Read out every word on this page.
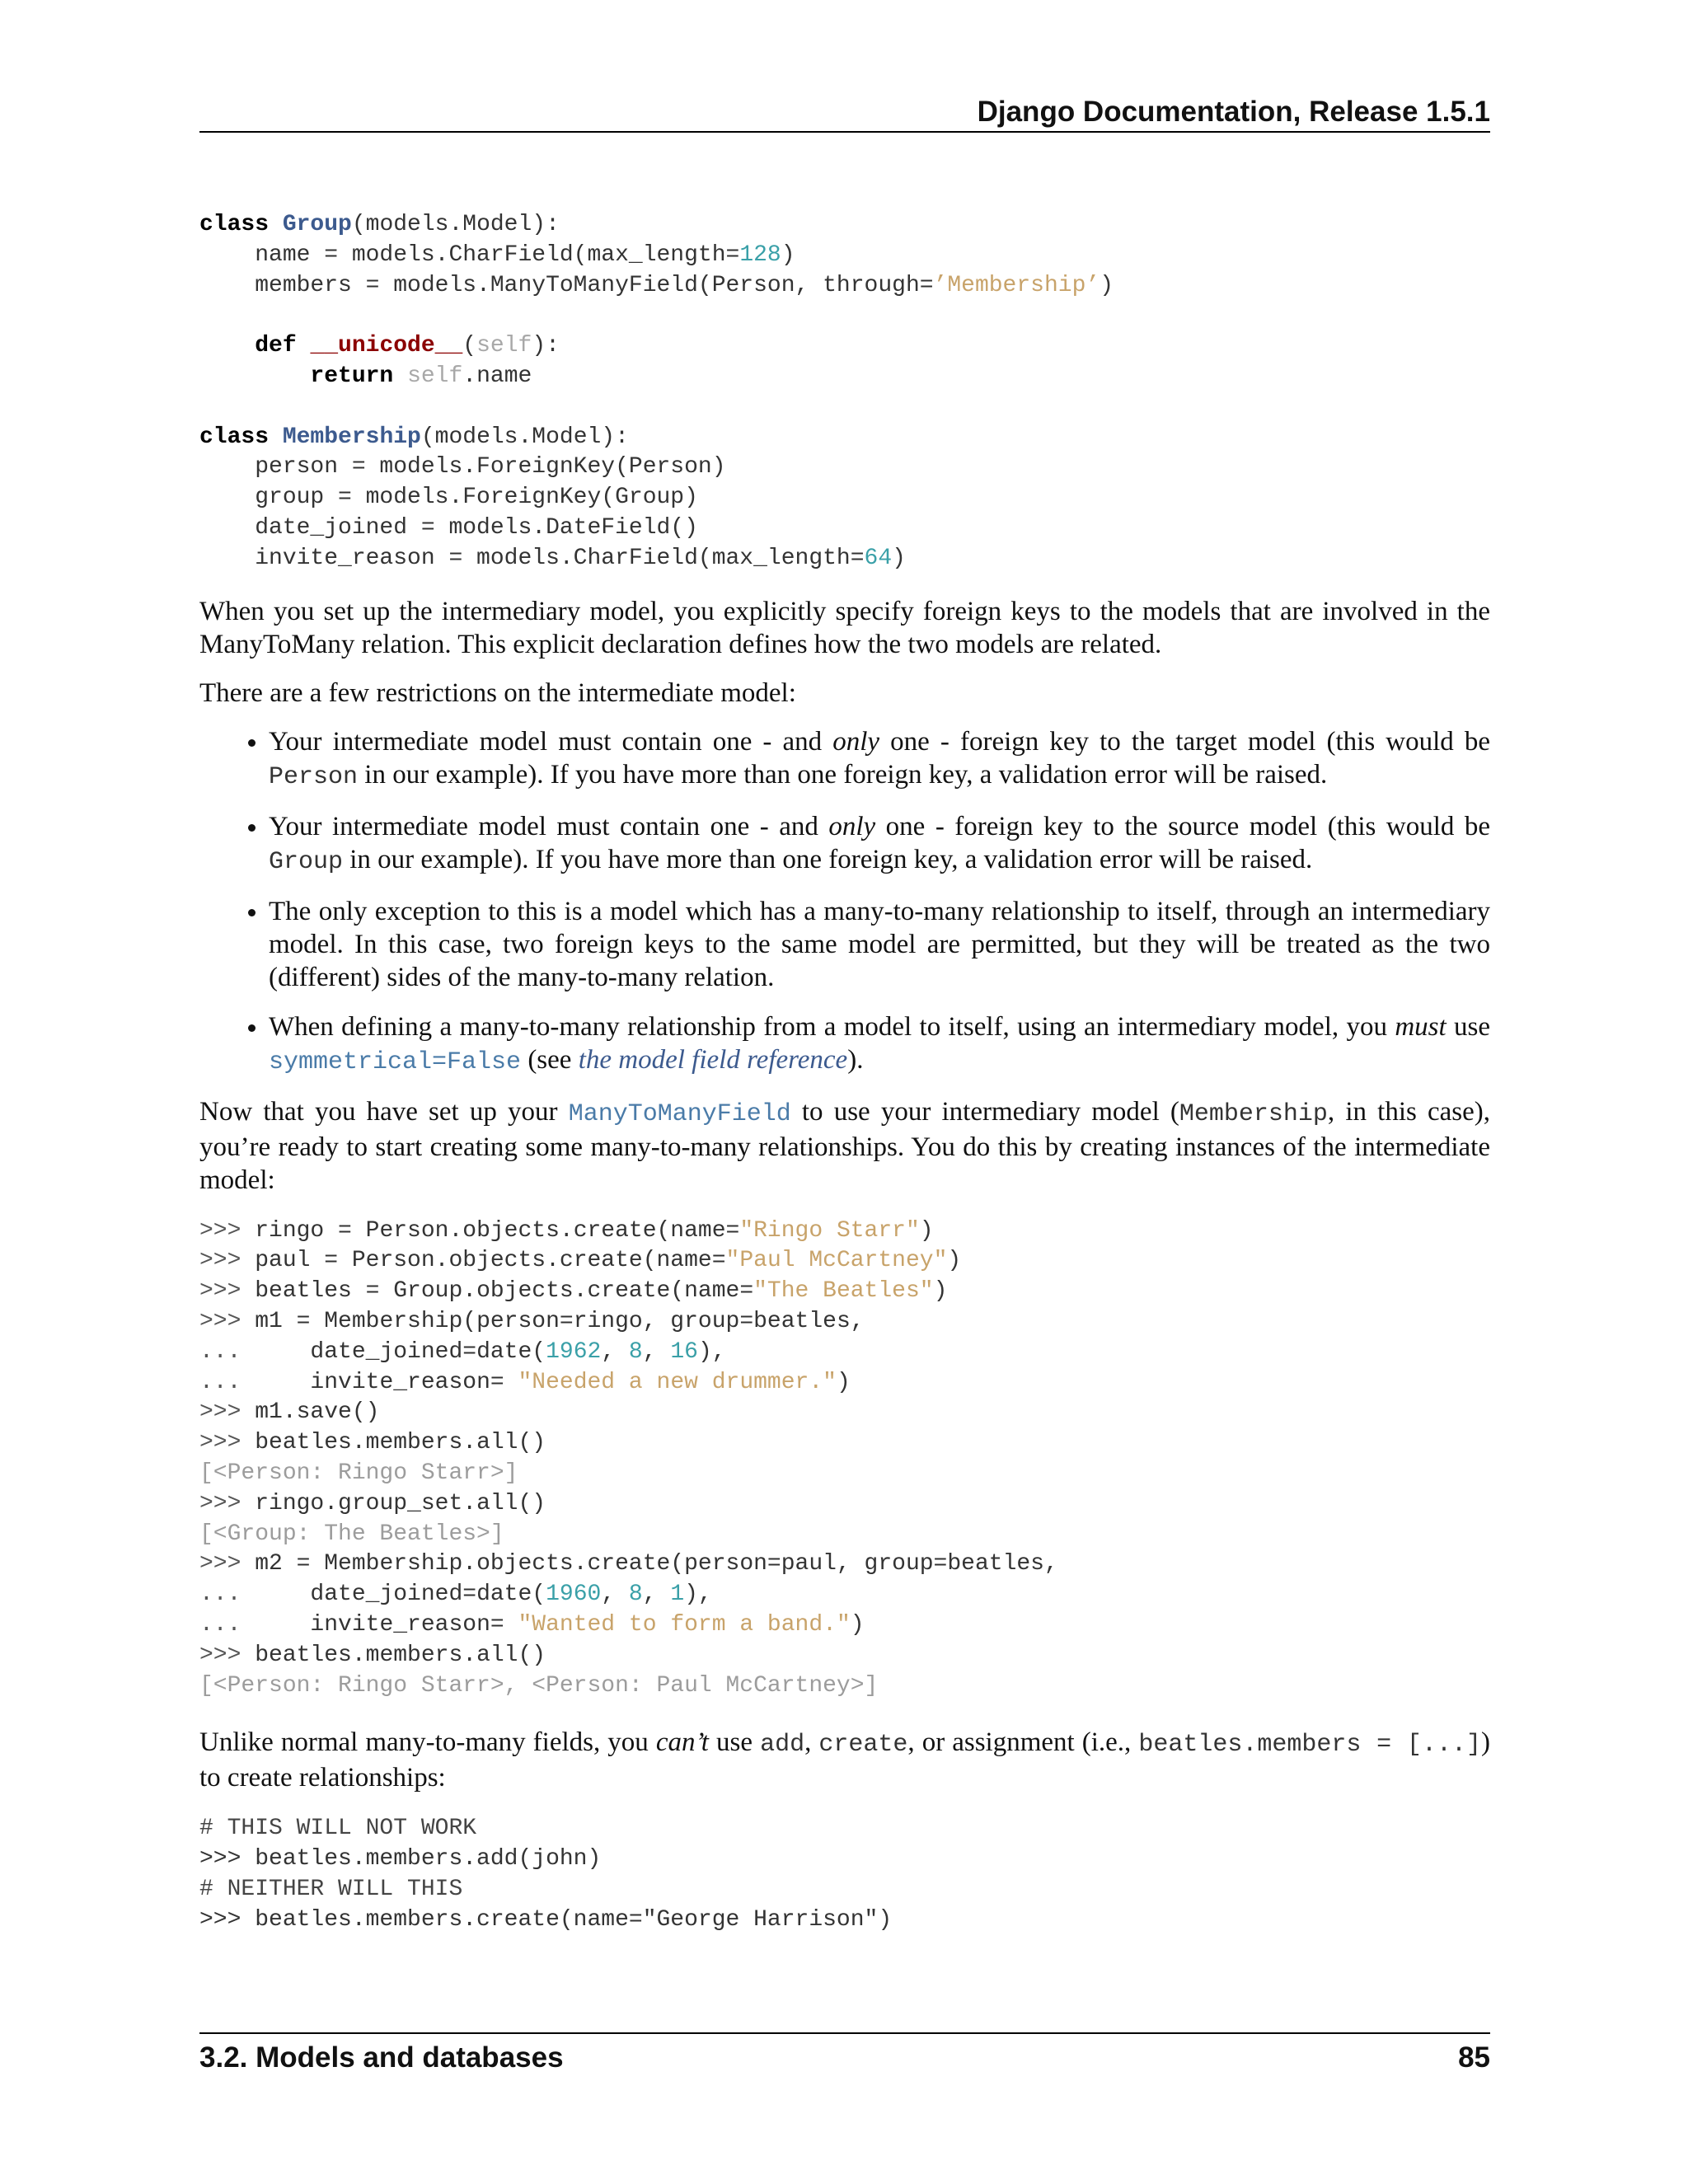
Django Documentation, Release 1.5.1
class Group(models.Model):
name = models.CharField(max_length=128)
members = models.ManyToManyField(Person, through=’Membership’)

def __unicode__(self):
return self.name

class Membership(models.Model):
person = models.ForeignKey(Person)
group = models.ForeignKey(Group)
date_joined = models.DateField()
invite_reason = models.CharField(max_length=64)

When you set up the intermediary model, you explicitly specify foreign keys to the models that are involved in the ManyToMany relation. This explicit declaration defines how the two models are related.

There are a few restrictions on the intermediate model:

• Your intermediate model must contain one - and only one - foreign key to the target model (this would be Person in our example). If you have more than one foreign key, a validation error will be raised.
• Your intermediate model must contain one - and only one - foreign key to the source model (this would be Group in our example). If you have more than one foreign key, a validation error will be raised.
• The only exception to this is a model which has a many-to-many relationship to itself, through an intermediary model. In this case, two foreign keys to the same model are permitted, but they will be treated as the two (different) sides of the many-to-many relation.
• When defining a many-to-many relationship from a model to itself, using an intermediary model, you must use symmetrical=False (see the model field reference).

Now that you have set up your ManyToManyField to use your intermediary model (Membership, in this case), you’re ready to start creating some many-to-many relationships. You do this by creating instances of the intermediate model:

>>> ringo = Person.objects.create(name="Ringo Starr")
>>> paul = Person.objects.create(name="Paul McCartney")
>>> beatles = Group.objects.create(name="The Beatles")
>>> m1 = Membership(person=ringo, group=beatles,
...     date_joined=date(1962, 8, 16),
...     invite_reason= "Needed a new drummer.")
>>> m1.save()
>>> beatles.members.all()
[<Person: Ringo Starr>]
>>> ringo.group_set.all()
[<Group: The Beatles>]
>>> m2 = Membership.objects.create(person=paul, group=beatles,
...     date_joined=date(1960, 8, 1),
...     invite_reason= "Wanted to form a band.")
>>> beatles.members.all()
[<Person: Ringo Starr>, <Person: Paul McCartney>]

Unlike normal many-to-many fields, you can’t use add, create, or assignment (i.e., beatles.members = [...]) to create relationships:

# THIS WILL NOT WORK
>>> beatles.members.add(john)
# NEITHER WILL THIS
>>> beatles.members.create(name="George Harrison")
3.2. Models and databases	85
